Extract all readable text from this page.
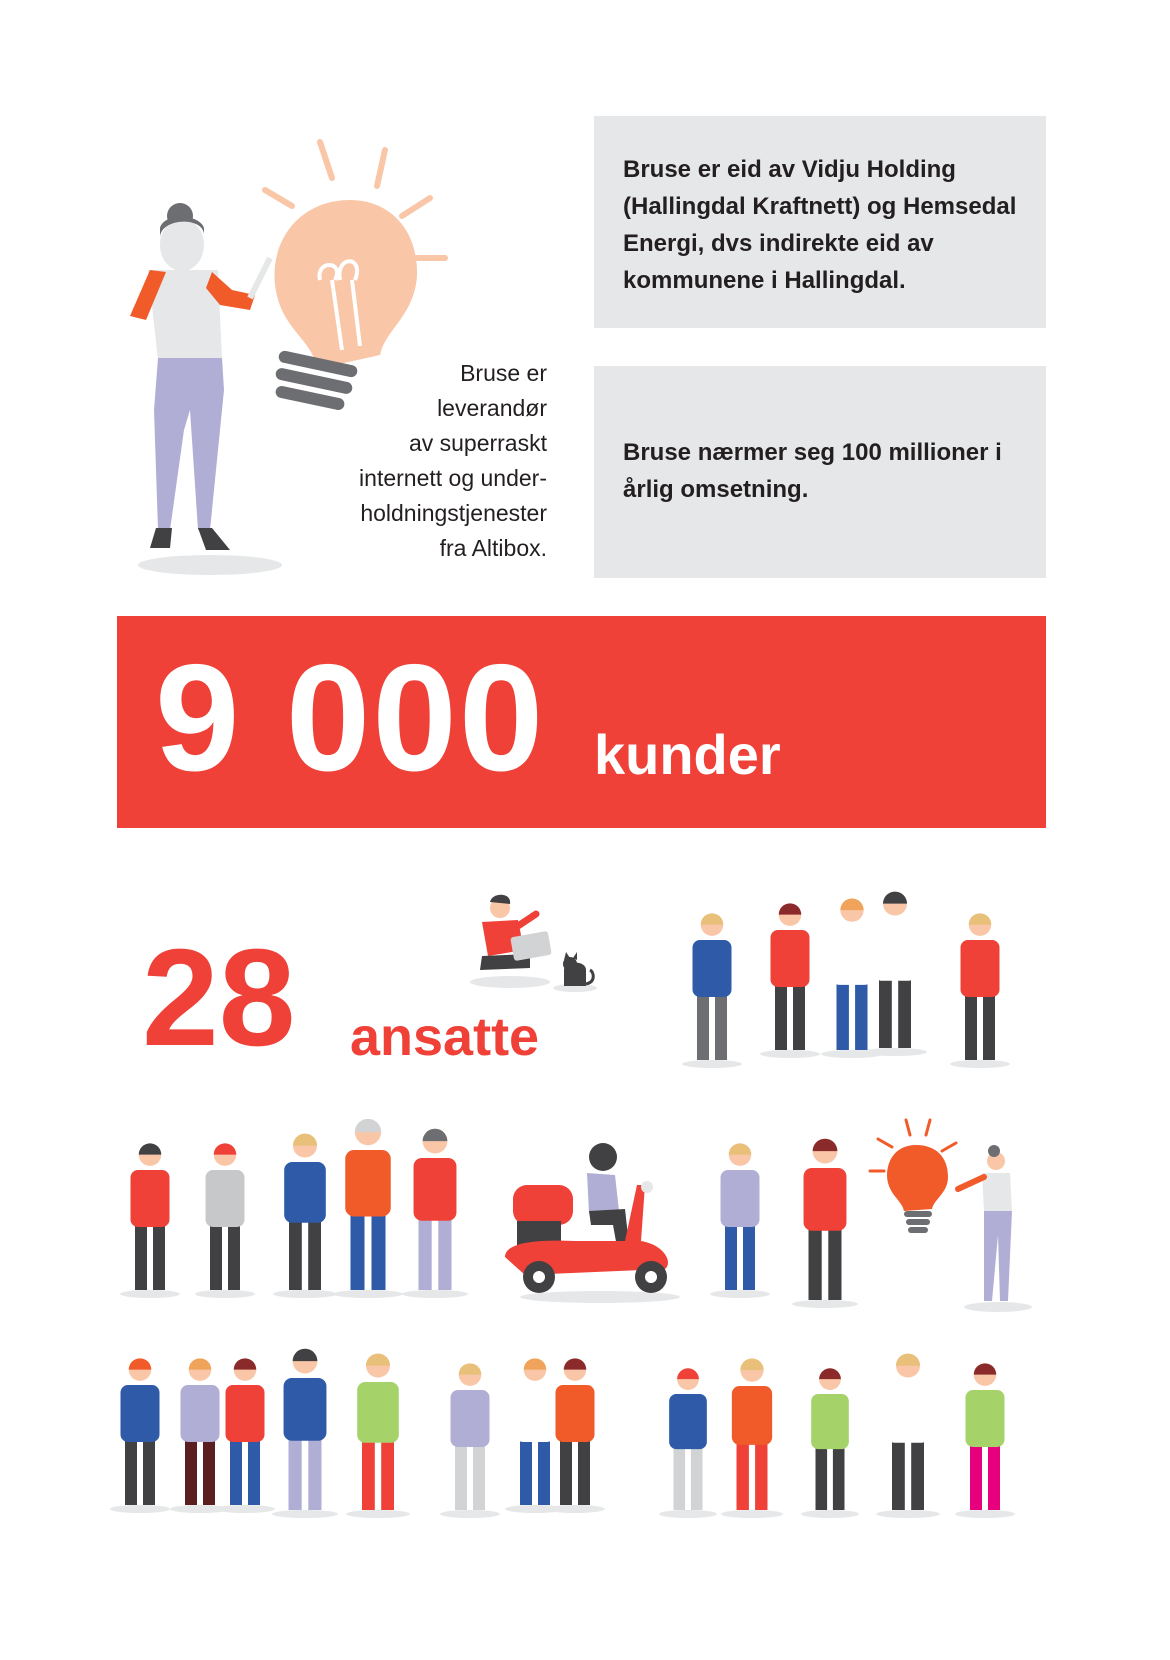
Bruse er
leverandør
av superraskt
internett og under-
holdningstjenester
fra Altibox.

Bruse er eid av Vidju Holding (Hallingdal Kraftnett) og Hemsedal Energi, dvs indirekte eid av kommunene i Hallingdal.

Bruse nærmer seg 100 millioner i årlig omsetning.

9 000 kunder
28 ansatte
